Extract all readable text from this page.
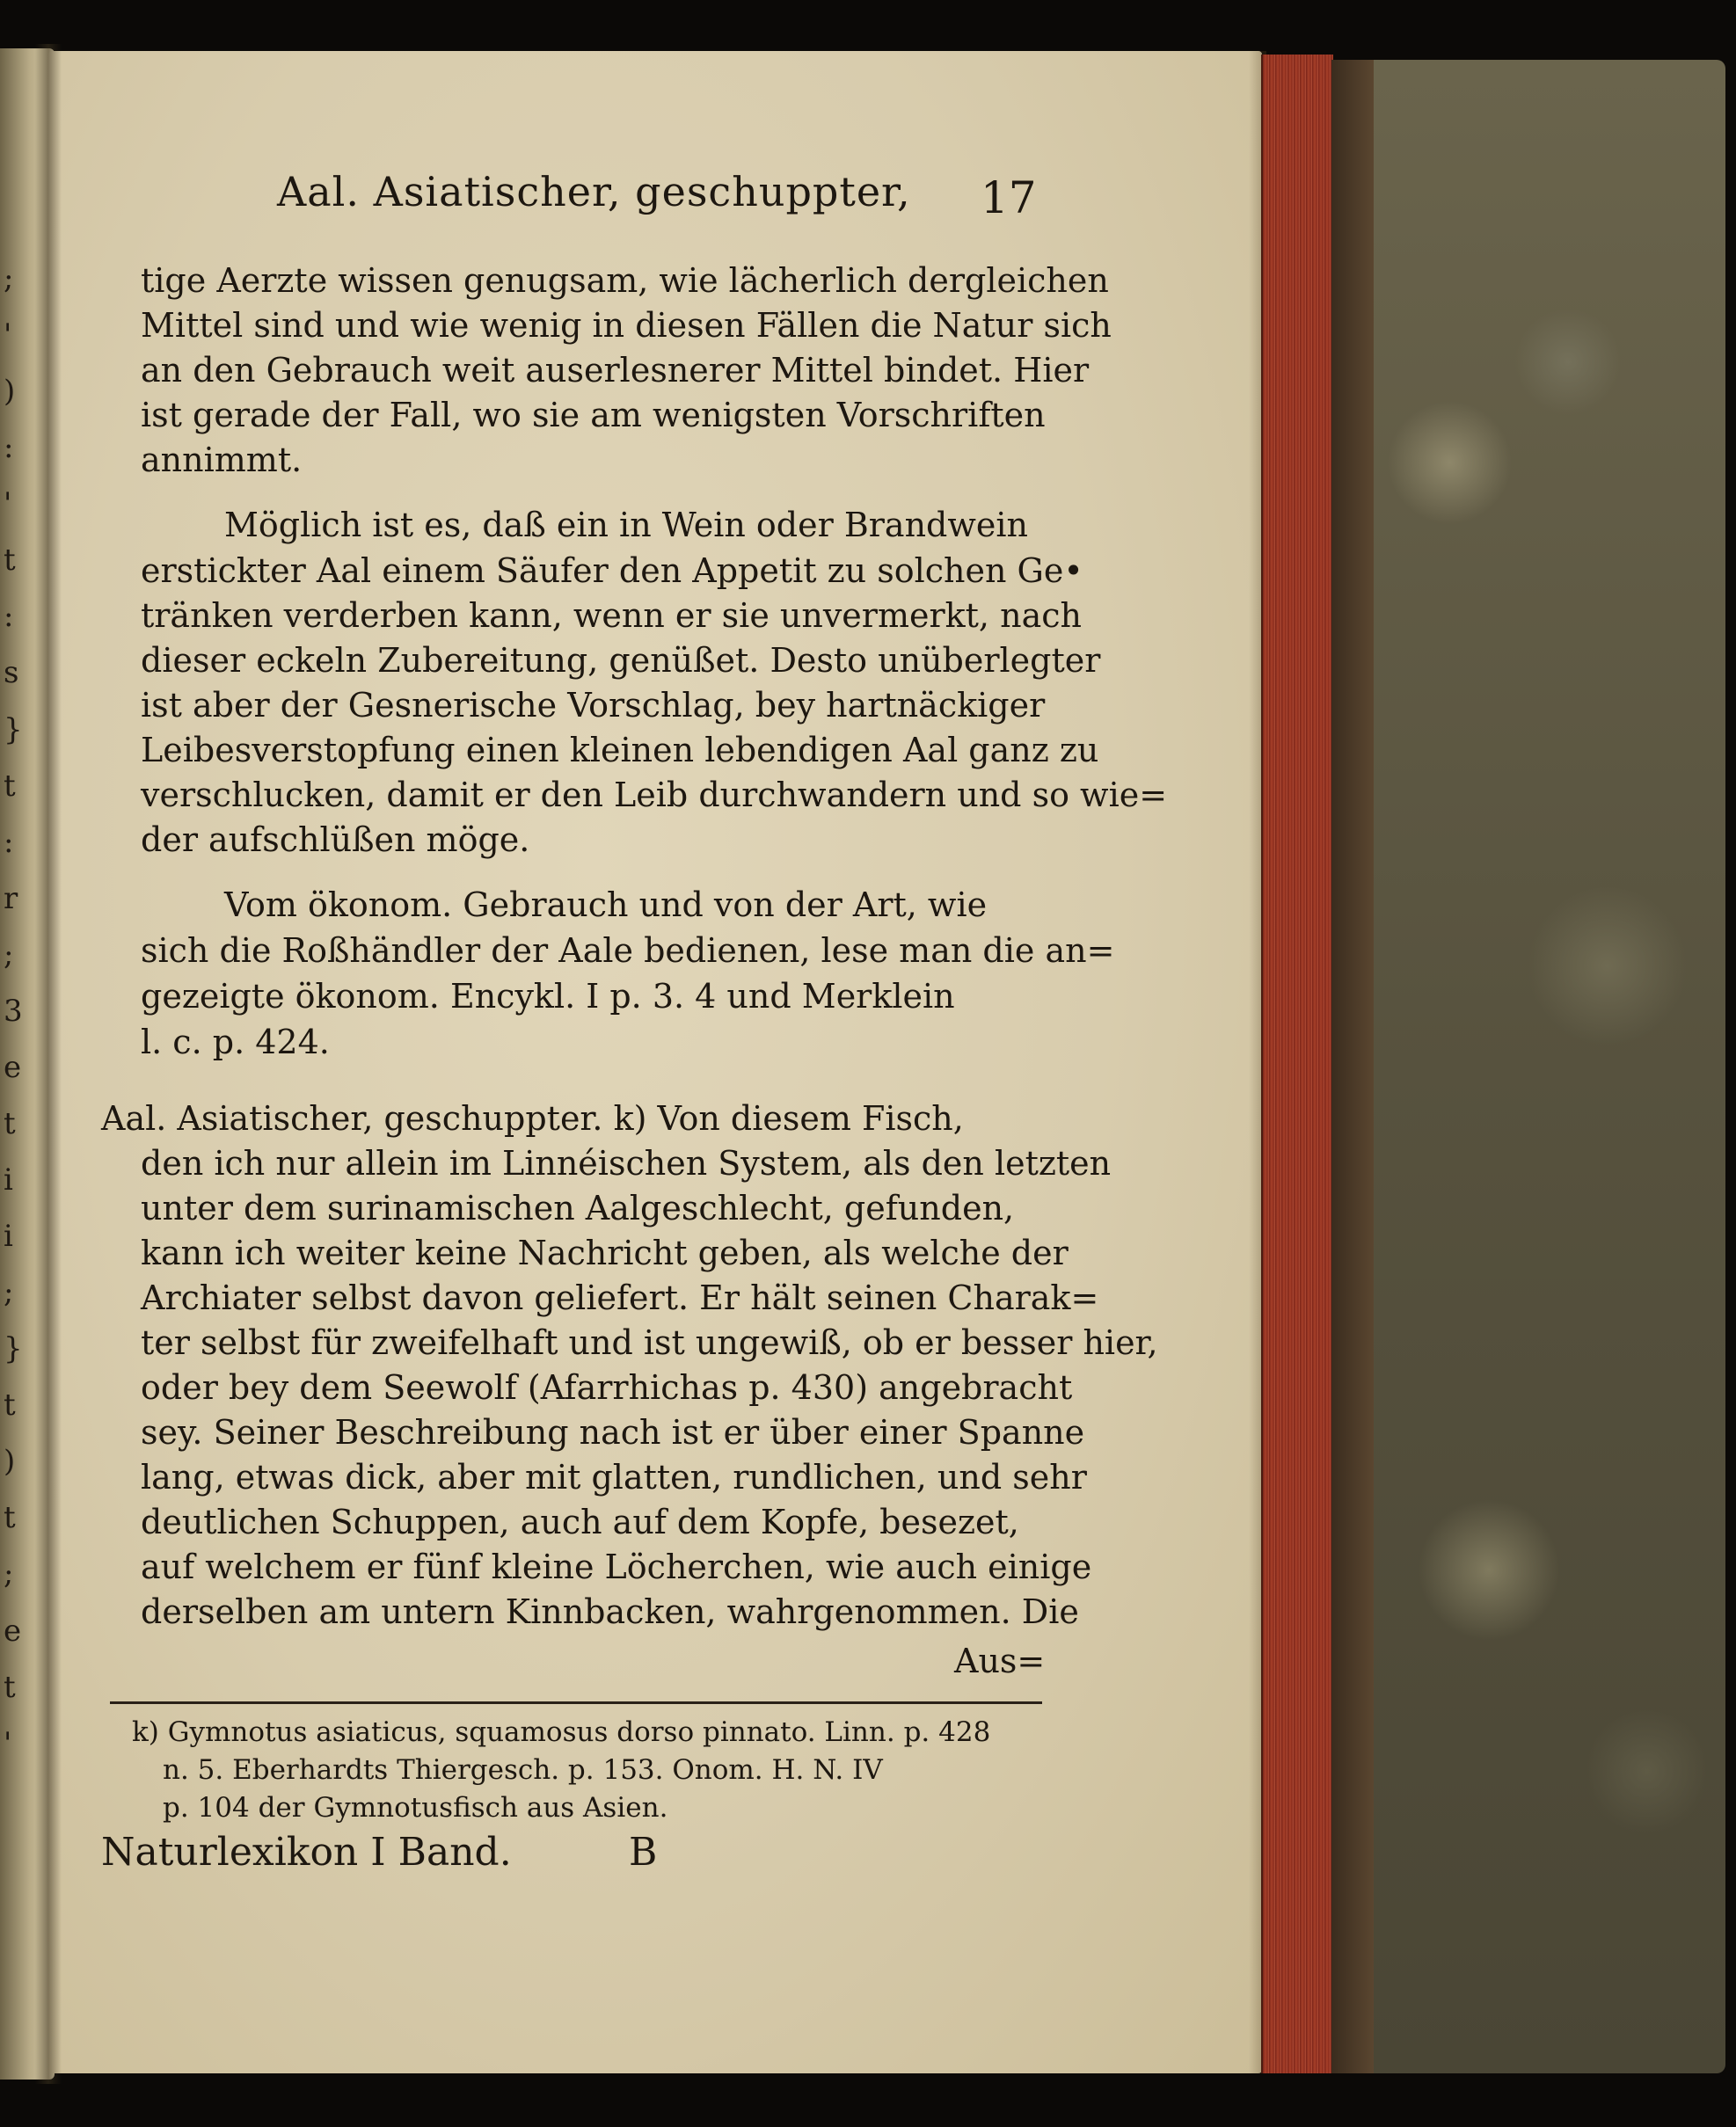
;
'
)
:
'
t
:
s
}
t
:
r
;
3
e
t
i
i
;
}
t
)
t
;
e
t
'
Aal. Asiatischer, geschuppter, 17
tige Aerzte wissen genugsam, wie lächerlich dergleichen
Mittel sind und wie wenig in diesen Fällen die Natur sich
an den Gebrauch weit auserlesnerer Mittel bindet. Hier
ist gerade der Fall, wo sie am wenigsten Vorschriften
annimmt.
Möglich ist es, daß ein in Wein oder Brandwein
erstickter Aal einem Säufer den Appetit zu solchen Ge•
tränken verderben kann, wenn er sie unvermerkt, nach
dieser eckeln Zubereitung, genüßet. Desto unüberlegter
ist aber der Gesnerische Vorschlag, bey hartnäckiger
Leibesverstopfung einen kleinen lebendigen Aal ganz zu
verschlucken, damit er den Leib durchwandern und so wie=
der aufschlüßen möge.
Vom ökonom. Gebrauch und von der Art, wie
sich die Roßhändler der Aale bedienen, lese man die an=
gezeigte ökonom. Encykl. I p. 3. 4 und Merklein
l. c. p. 424.
Aal. Asiatischer, geschuppter. k) Von diesem Fisch,
den ich nur allein im Linnéischen System, als den letzten
unter dem surinamischen Aalgeschlecht, gefunden,
kann ich weiter keine Nachricht geben, als welche der
Archiater selbst davon geliefert. Er hält seinen Charak=
ter selbst für zweifelhaft und ist ungewiß, ob er besser hier,
oder bey dem Seewolf (Afarrhichas p. 430) angebracht
sey. Seiner Beschreibung nach ist er über einer Spanne
lang, etwas dick, aber mit glatten, rundlichen, und sehr
deutlichen Schuppen, auch auf dem Kopfe, besezet,
auf welchem er fünf kleine Löcherchen, wie auch einige
derselben am untern Kinnbacken, wahrgenommen. Die
Aus=
k) Gymnotus asiaticus, squamosus dorso pinnato. Linn. p. 428
n. 5. Eberhardts Thiergesch. p. 153. Onom. H. N. IV
p. 104 der Gymnotusfisch aus Asien.
Naturlexikon I Band.	B
